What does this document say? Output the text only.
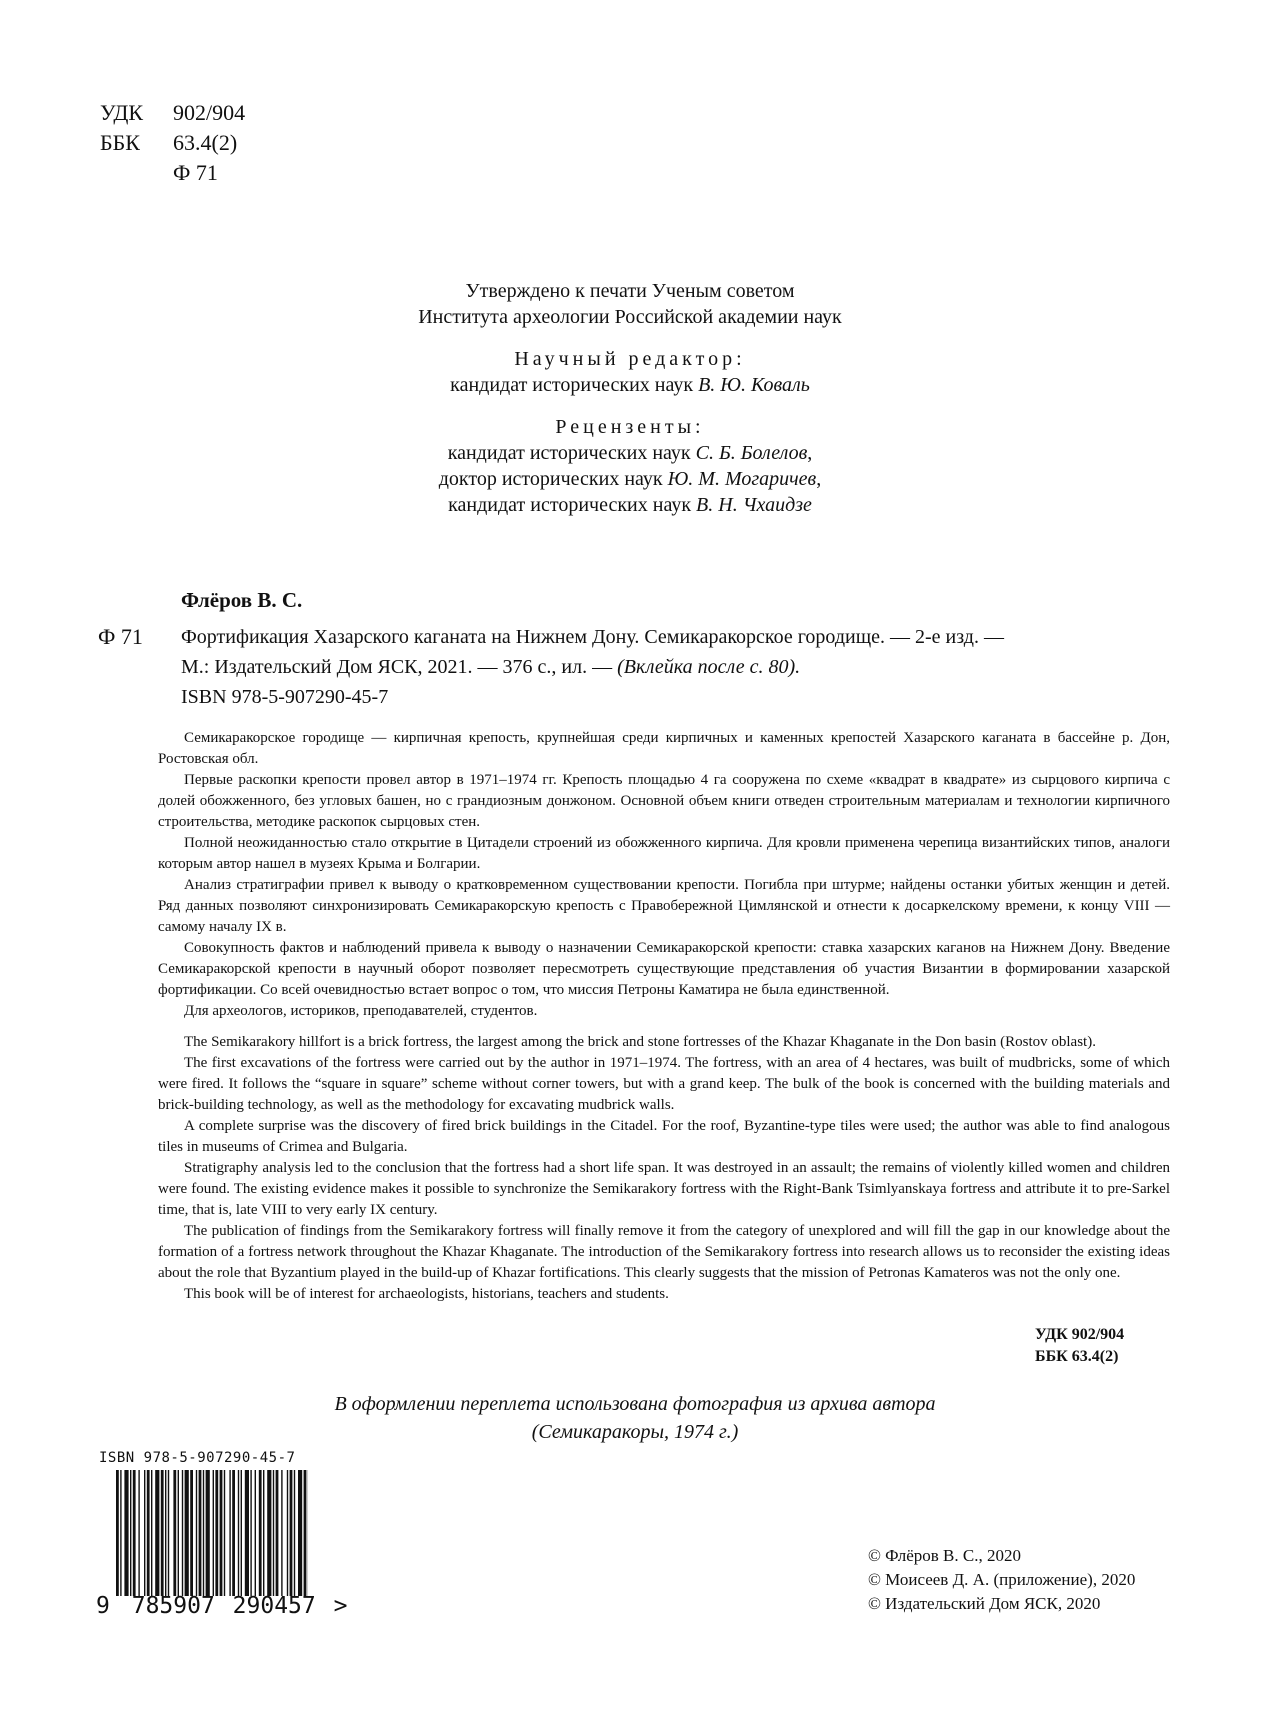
УДК	902/904
ББК	63.4(2)
Ф 71
Утверждено к печати Ученым советом
Института археологии Российской академии наук
Научный редактор:
кандидат исторических наук В. Ю. Коваль
Рецензенты:
кандидат исторических наук С. Б. Болелов,
доктор исторических наук Ю. М. Могаричев,
кандидат исторических наук В. Н. Чхаидзе
Флёров В. С.
Ф 71 Фортификация Хазарского каганата на Нижнем Дону. Семикаракорское городище. — 2-е изд. —

М.: Издательский Дом ЯСК, 2021. — 376 с., ил. — (Вклейка после с. 80).

ISBN 978-5-907290-45-7

Семикаракорское городище — кирпичная крепость, крупнейшая среди кирпичных и каменных крепостей Хазарского каганата в бассейне р. Дон, Ростовская обл.

Первые раскопки крепости провел автор в 1971–1974 гг. Крепость площадью 4 га сооружена по схеме «квадрат в квадрате» из сырцового кирпича с долей обожженного, без угловых башен, но с грандиозным донжоном. Основной объем книги отведен строительным материалам и технологии кирпичного строительства, методике раскопок сырцовых стен.

Полной неожиданностью стало открытие в Цитадели строений из обожженного кирпича. Для кровли применена черепица византийских типов, аналоги которым автор нашел в музеях Крыма и Болгарии.

Анализ стратиграфии привел к выводу о кратковременном существовании крепости. Погибла при штурме; найдены останки убитых женщин и детей. Ряд данных позволяют синхронизировать Семикаракорскую крепость с Правобережной Цимлянской и отнести к досаркелскому времени, к концу VIII — самому началу IX в.

Совокупность фактов и наблюдений привела к выводу о назначении Семикаракорской крепости: ставка хазарских каганов на Нижнем Дону. Введение Семикаракорской крепости в научный оборот позволяет пересмотреть существующие представления об участия Византии в формировании хазарской фортификации. Со всей очевидностью встает вопрос о том, что миссия Петроны Каматира не была единственной.

Для археологов, историков, преподавателей, студентов.

The Semikarakory hillfort is a brick fortress, the largest among the brick and stone fortresses of the Khazar Khaganate in the Don basin (Rostov oblast).

The first excavations of the fortress were carried out by the author in 1971–1974. The fortress, with an area of 4 hectares, was built of mudbricks, some of which were fired. It follows the “square in square” scheme without corner towers, but with a grand keep. The bulk of the book is concerned with the building materials and brick-building technology, as well as the methodology for excavating mudbrick walls.

A complete surprise was the discovery of fired brick buildings in the Citadel. For the roof, Byzantine-type tiles were used; the author was able to find analogous tiles in museums of Crimea and Bulgaria.

Stratigraphy analysis led to the conclusion that the fortress had a short life span. It was destroyed in an assault; the remains of violently killed women and children were found. The existing evidence makes it possible to synchronize the Semikarakory fortress with the Right-Bank Tsimlyanskaya fortress and attribute it to pre-Sarkel time, that is, late VIII to very early IX century.

The publication of findings from the Semikarakory fortress will finally remove it from the category of unexplored and will fill the gap in our knowledge about the formation of a fortress network throughout the Khazar Khaganate. The introduction of the Semikarakory fortress into research allows us to reconsider the existing ideas about the role that Byzantium played in the build-up of Khazar fortifications. This clearly suggests that the mission of Petronas Kamateros was not the only one.

This book will be of interest for archaeologists, historians, teachers and students.

УДК 902/904
ББК 63.4(2)
В оформлении переплета использована фотография из архива автора
(Семикаракоры, 1974 г.)
ISBN 978-5-907290-45-7
9 785907 290457 >
© Флёров В. С., 2020
© Моисеев Д. А. (приложение), 2020
© Издательский Дом ЯСК, 2020
